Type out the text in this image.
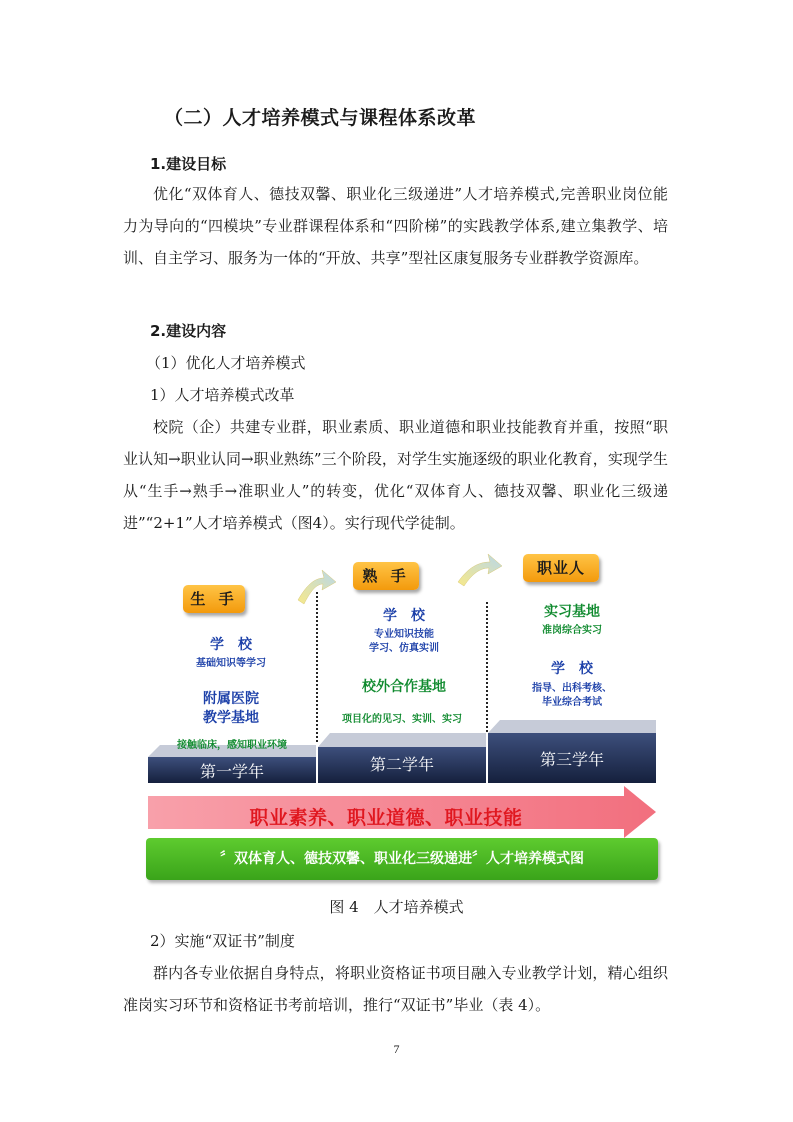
（二）人才培养模式与课程体系改革
1.建设目标

优化“双体育人、德技双馨、职业化三级递进”人才培养模式,完善职业岗位能力为导向的“四模块”专业群课程体系和“四阶梯”的实践教学体系,建立集教学、培训、自主学习、服务为一体的“开放、共享”型社区康复服务专业群教学资源库。

2.建设内容
（1）优化人才培养模式
1）人才培养模式改革

校院（企）共建专业群，职业素质、职业道德和职业技能教育并重，按照“职业认知→职业认同→职业熟练”三个阶段，对学生实施逐级的职业化教育，实现学生从“生手→熟手→准职业人”的转变，优化“双体育人、德技双馨、职业化三级递进”“2+1”人才培养模式（图4）。实行现代学徒制。

生 手
学　校
基础知识等学习
附属医院
教学基地
接触临床，感知职业环境
第一学年
熟 手
学　校
专业知识技能
学习、仿真实训
校外合作基地
项目化的见习、实训、实习
第二学年
职业人
实习基地
准岗综合实习
学　校
指导、出科考核、
毕业综合考试
第三学年
职业素养、职业道德、职业技能
〞双体育人、德技双馨、职业化三级递进〞人才培养模式图
图 4　人才培养模式
2）实施“双证书”制度

群内各专业依据自身特点，将职业资格证书项目融入专业教学计划，精心组织准岗实习环节和资格证书考前培训，推行“双证书”毕业（表 4）。

7
